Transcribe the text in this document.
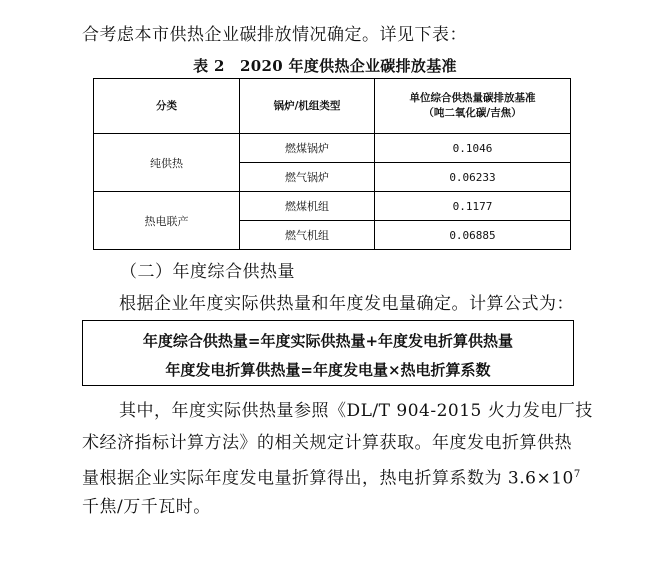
合考虑本市供热企业碳排放情况确定。详见下表：
表 2　2020 年度供热企业碳排放基准
分类	锅炉/机组类型	单位综合供热量碳排放基准
（吨二氧化碳/吉焦）

纯供热	燃煤锅炉	0.1046
	燃气锅炉	0.06233
热电联产	燃煤机组	0.1177
	燃气机组	0.06885
（二）年度综合供热量
根据企业年度实际供热量和年度发电量确定。计算公式为：
年度综合供热量=年度实际供热量+年度发电折算供热量
年度发电折算供热量=年度发电量×热电折算系数
其中，年度实际供热量参照《DL/T 904-2015 火力发电厂技
术经济指标计算方法》的相关规定计算获取。年度发电折算供热
量根据企业实际年度发电量折算得出，热电折算系数为 $3.6\times 10^7$
千焦/万千瓦时。
